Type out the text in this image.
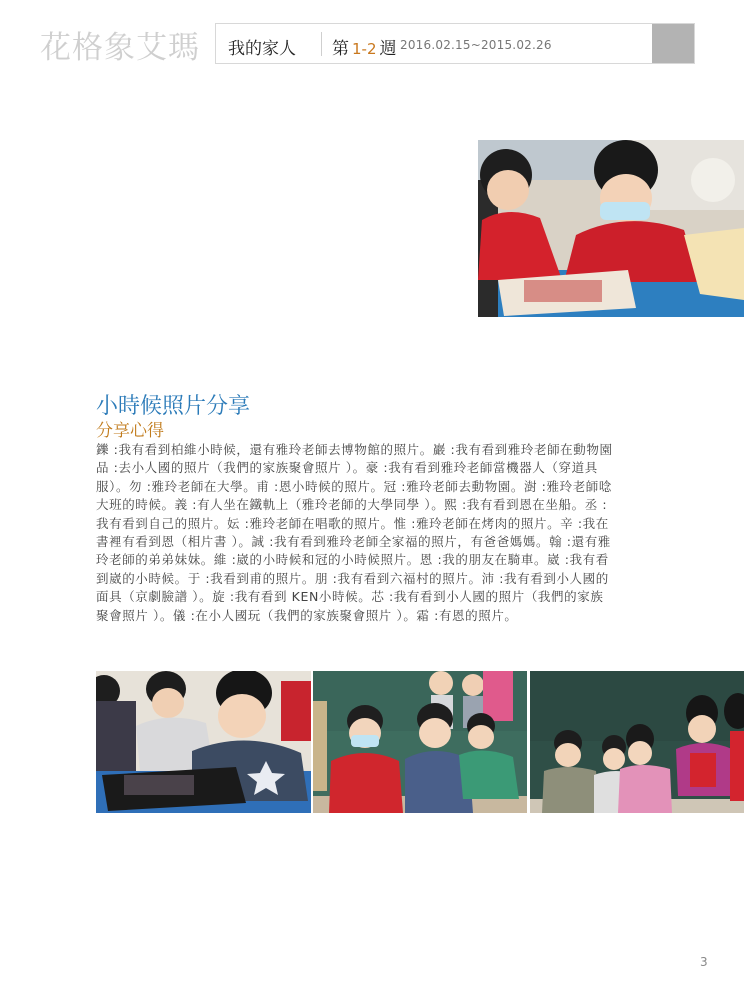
花格象艾瑪 我的家人 第 1-2 週 2016.02.15~2015.02.26
小時候照片分享
分享心得
鑠 :我有看到柏維小時候，還有雅玲老師去博物館的照片。巖 :我有看到雅玲老師在動物園品 :去小人國的照片（我們的家族聚會照片 ）。豪 :我有看到雅玲老師當機器人（穿道具服）。勿 :雅玲老師在大學。甫 :恩小時候的照片。冠 :雅玲老師去動物園。澍 :雅玲老師唸大班的時候。義 :有人坐在鐵軌上（雅玲老師的大學同學 ）。熙 :我有看到恩在坐船。丞 :我有看到自己的照片。妘 :雅玲老師在唱歌的照片。惟 :雅玲老師在烤肉的照片。辛 :我在書裡有看到恩（相片書 ）。誠 :我有看到雅玲老師全家福的照片，有爸爸媽媽。翰 :還有雅玲老師的弟弟妹妹。維 :崴的小時候和冠的小時候照片。恩 :我的朋友在騎車。崴 :我有看到崴的小時候。于 :我看到甫的照片。朋 :我有看到六福村的照片。沛 :我有看到小人國的面具（京劇臉譜 ）。旋 :我有看到 KEN小時候。芯 :我有看到小人國的照片（我們的家族聚會照片 ）。儀 :在小人國玩（我們的家族聚會照片 ）。霜 :有恩的照片。
3
